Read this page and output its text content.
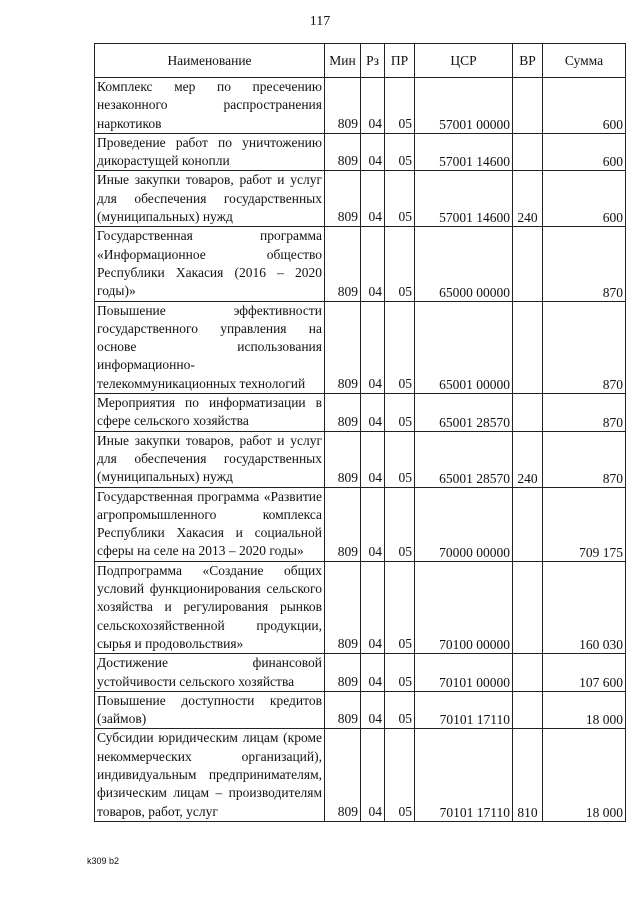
117
Наименование	Мин	Рз	ПР	ЦСР	ВР	Сумма
Комплекс мер по пресечению незаконного распространения наркотиков	809	04	05	57001 00000		600
Проведение работ по уничтожению дикорастущей конопли	809	04	05	57001 14600		600
Иные закупки товаров, работ и услуг для обеспечения государственных (муниципальных) нужд	809	04	05	57001 14600	240	600
Государственная программа «Информационное общество Республики Хакасия (2016 – 2020 годы)»	809	04	05	65000 00000		870
Повышение эффективности государственного управления на основе использования информационно-телекоммуникационных технологий	809	04	05	65001 00000		870
Мероприятия по информатизации в сфере сельского хозяйства	809	04	05	65001 28570		870
Иные закупки товаров, работ и услуг для обеспечения государственных (муниципальных) нужд	809	04	05	65001 28570	240	870
Государственная программа «Развитие агропромышленного комплекса Республики Хакасия и социальной сферы на селе на 2013 – 2020 годы»	809	04	05	70000 00000		709 175
Подпрограмма «Создание общих условий функционирования сельского хозяйства и регулирования рынков сельскохозяйственной продукции, сырья и продовольствия»	809	04	05	70100 00000		160 030
Достижение финансовой устойчивости сельского хозяйства	809	04	05	70101 00000		107 600
Повышение доступности кредитов (займов)	809	04	05	70101 17110		18 000
Субсидии юридическим лицам (кроме некоммерческих организаций), индивидуальным предпринимателям, физическим лицам – производителям товаров, работ, услуг	809	04	05	70101 17110	810	18 000
k309 b2
